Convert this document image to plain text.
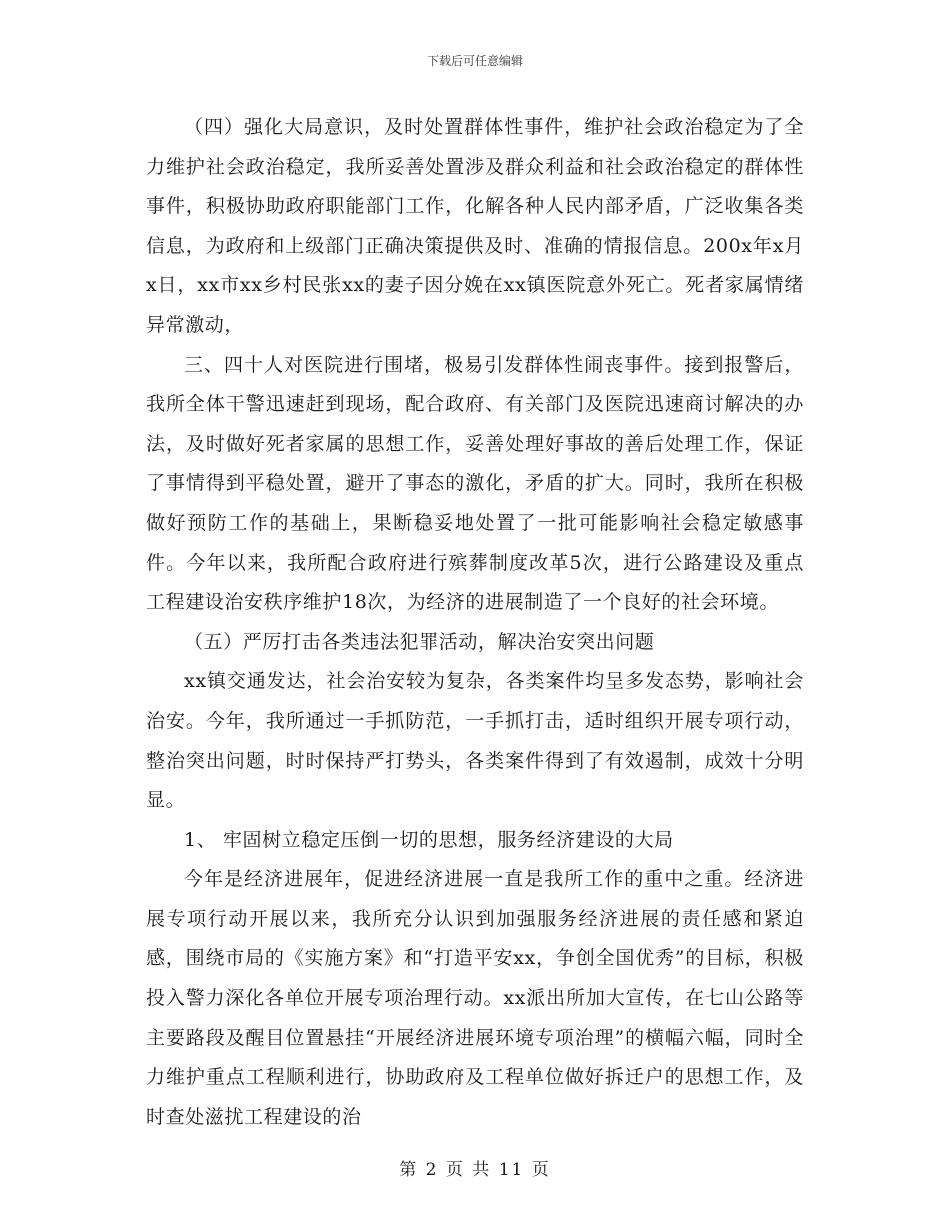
下载后可任意编辑

（四）强化大局意识，及时处置群体性事件，维护社会政治稳定为了全力维护社会政治稳定，我所妥善处置涉及群众利益和社会政治稳定的群体性事件，积极协助政府职能部门工作，化解各种人民内部矛盾，广泛收集各类信息，为政府和上级部门正确决策提供及时、准确的情报信息。200x年x月x日，xx市xx乡村民张xx的妻子因分娩在xx镇医院意外死亡。死者家属情绪异常激动，

三、四十人对医院进行围堵，极易引发群体性闹丧事件。接到报警后，我所全体干警迅速赶到现场，配合政府、有关部门及医院迅速商讨解决的办法，及时做好死者家属的思想工作，妥善处理好事故的善后处理工作，保证了事情得到平稳处置，避开了事态的激化，矛盾的扩大。同时，我所在积极做好预防工作的基础上，果断稳妥地处置了一批可能影响社会稳定敏感事件。今年以来，我所配合政府进行殡葬制度改革5次，进行公路建设及重点工程建设治安秩序维护18次，为经济的进展制造了一个良好的社会环境。

（五）严厉打击各类违法犯罪活动，解决治安突出问题

xx镇交通发达，社会治安较为复杂，各类案件均呈多发态势，影响社会治安。今年，我所通过一手抓防范，一手抓打击，适时组织开展专项行动，整治突出问题，时时保持严打势头，各类案件得到了有效遏制，成效十分明显。

1、 牢固树立稳定压倒一切的思想，服务经济建设的大局

今年是经济进展年，促进经济进展一直是我所工作的重中之重。经济进展专项行动开展以来，我所充分认识到加强服务经济进展的责任感和紧迫感，围绕市局的《实施方案》和“打造平安xx，争创全国优秀”的目标，积极投入警力深化各单位开展专项治理行动。xx派出所加大宣传，在七山公路等主要路段及醒目位置悬挂“开展经济进展环境专项治理”的横幅六幅，同时全力维护重点工程顺利进行，协助政府及工程单位做好拆迁户的思想工作，及时查处滋扰工程建设的治

第 2 页 共 11 页
